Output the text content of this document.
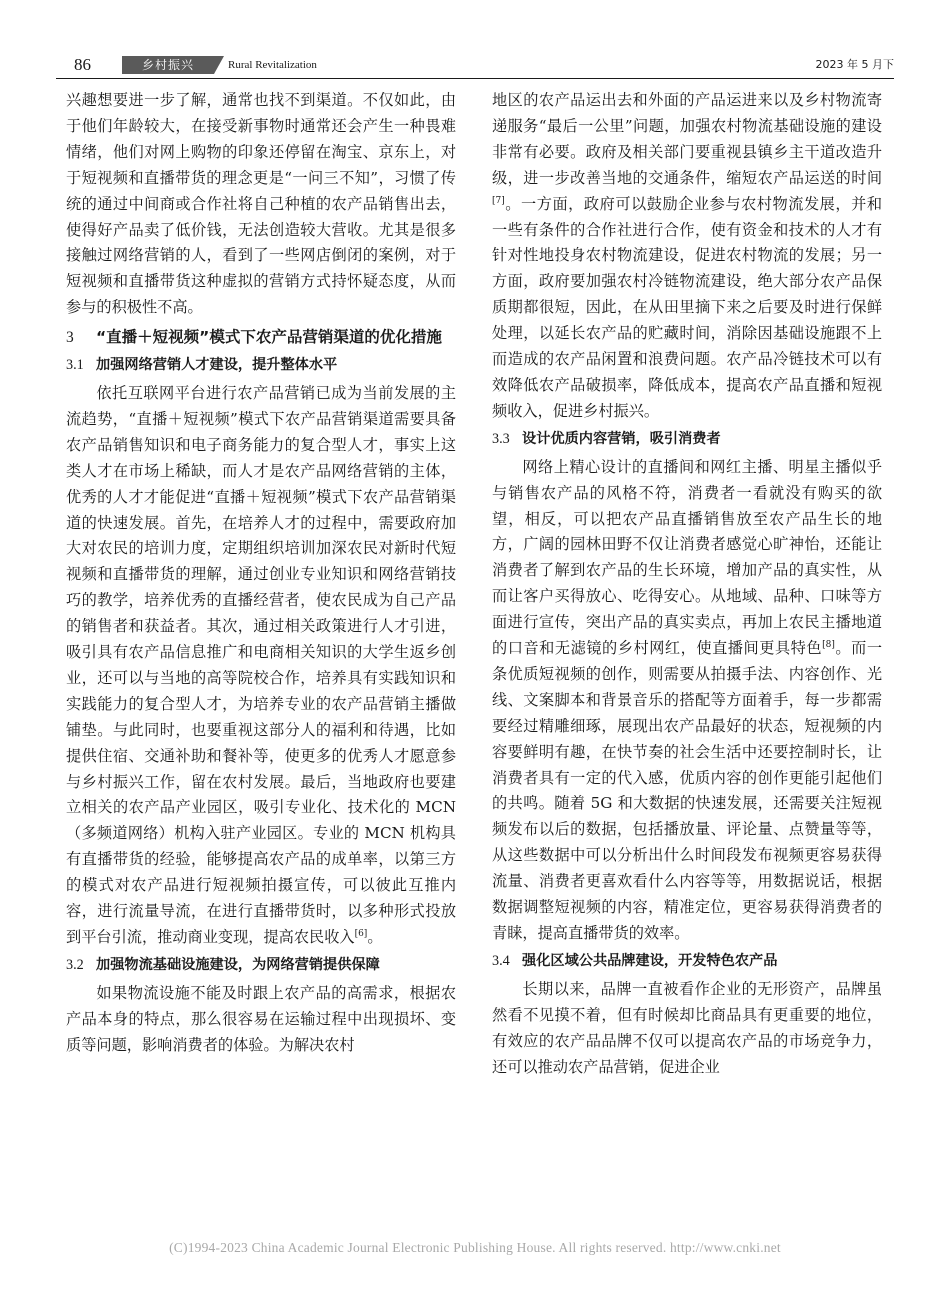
86	乡村振兴	Rural Revitalization	2023 年 5 月下

兴趣想要进一步了解，通常也找不到渠道。不仅如此，由于他们年龄较大，在接受新事物时通常还会产生一种畏难情绪，他们对网上购物的印象还停留在淘宝、京东上，对于短视频和直播带货的理念更是“一问三不知”，习惯了传统的通过中间商或合作社将自己种植的农产品销售出去，使得好产品卖了低价钱，无法创造较大营收。尤其是很多接触过网络营销的人，看到了一些网店倒闭的案例，对于短视频和直播带货这种虚拟的营销方式持怀疑态度，从而参与的积极性不高。

3 “直播＋短视频”模式下农产品营销渠道的优化措施
3.1 加强网络营销人才建设，提升整体水平

依托互联网平台进行农产品营销已成为当前发展的主流趋势，“直播＋短视频”模式下农产品营销渠道需要具备农产品销售知识和电子商务能力的复合型人才，事实上这类人才在市场上稀缺，而人才是农产品网络营销的主体，优秀的人才才能促进“直播＋短视频”模式下农产品营销渠道的快速发展。首先，在培养人才的过程中，需要政府加大对农民的培训力度，定期组织培训加深农民对新时代短视频和直播带货的理解，通过创业专业知识和网络营销技巧的教学，培养优秀的直播经营者，使农民成为自己产品的销售者和获益者。其次，通过相关政策进行人才引进，吸引具有农产品信息推广和电商相关知识的大学生返乡创业，还可以与当地的高等院校合作，培养具有实践知识和实践能力的复合型人才，为培养专业的农产品营销主播做铺垫。与此同时，也要重视这部分人的福利和待遇，比如提供住宿、交通补助和餐补等，使更多的优秀人才愿意参与乡村振兴工作，留在农村发展。最后，当地政府也要建立相关的农产品产业园区，吸引专业化、技术化的 MCN（多频道网络）机构入驻产业园区。专业的 MCN 机构具有直播带货的经验，能够提高农产品的成单率，以第三方的模式对农产品进行短视频拍摄宣传，可以彼此互推内容，进行流量导流，在进行直播带货时，以多种形式投放到平台引流，推动商业变现，提高农民收入[6]。

3.2 加强物流基础设施建设，为网络营销提供保障

如果物流设施不能及时跟上农产品的高需求，根据农产品本身的特点，那么很容易在运输过程中出现损坏、变质等问题，影响消费者的体验。为解决农村

地区的农产品运出去和外面的产品运进来以及乡村物流寄递服务“最后一公里”问题，加强农村物流基础设施的建设非常有必要。政府及相关部门要重视县镇乡主干道改造升级，进一步改善当地的交通条件，缩短农产品运送的时间[7]。一方面，政府可以鼓励企业参与农村物流发展，并和一些有条件的合作社进行合作，使有资金和技术的人才有针对性地投身农村物流建设，促进农村物流的发展；另一方面，政府要加强农村冷链物流建设，绝大部分农产品保质期都很短，因此，在从田里摘下来之后要及时进行保鲜处理，以延长农产品的贮藏时间，消除因基础设施跟不上而造成的农产品闲置和浪费问题。农产品冷链技术可以有效降低农产品破损率，降低成本，提高农产品直播和短视频收入，促进乡村振兴。

3.3 设计优质内容营销，吸引消费者

网络上精心设计的直播间和网红主播、明星主播似乎与销售农产品的风格不符，消费者一看就没有购买的欲望，相反，可以把农产品直播销售放至农产品生长的地方，广阔的园林田野不仅让消费者感觉心旷神怡，还能让消费者了解到农产品的生长环境，增加产品的真实性，从而让客户买得放心、吃得安心。从地域、品种、口味等方面进行宣传，突出产品的真实卖点，再加上农民主播地道的口音和无滤镜的乡村网红，使直播间更具特色[8]。而一条优质短视频的创作，则需要从拍摄手法、内容创作、光线、文案脚本和背景音乐的搭配等方面着手，每一步都需要经过精雕细琢，展现出农产品最好的状态，短视频的内容要鲜明有趣，在快节奏的社会生活中还要控制时长，让消费者具有一定的代入感，优质内容的创作更能引起他们的共鸣。随着 5G 和大数据的快速发展，还需要关注短视频发布以后的数据，包括播放量、评论量、点赞量等等，从这些数据中可以分析出什么时间段发布视频更容易获得流量、消费者更喜欢看什么内容等等，用数据说话，根据数据调整短视频的内容，精准定位，更容易获得消费者的青睐，提高直播带货的效率。

3.4 强化区域公共品牌建设，开发特色农产品

长期以来，品牌一直被看作企业的无形资产，品牌虽然看不见摸不着，但有时候却比商品具有更重要的地位，有效应的农产品品牌不仅可以提高农产品的市场竞争力，还可以推动农产品营销，促进企业

(C)1994-2023 China Academic Journal Electronic Publishing House. All rights reserved. http://www.cnki.net
